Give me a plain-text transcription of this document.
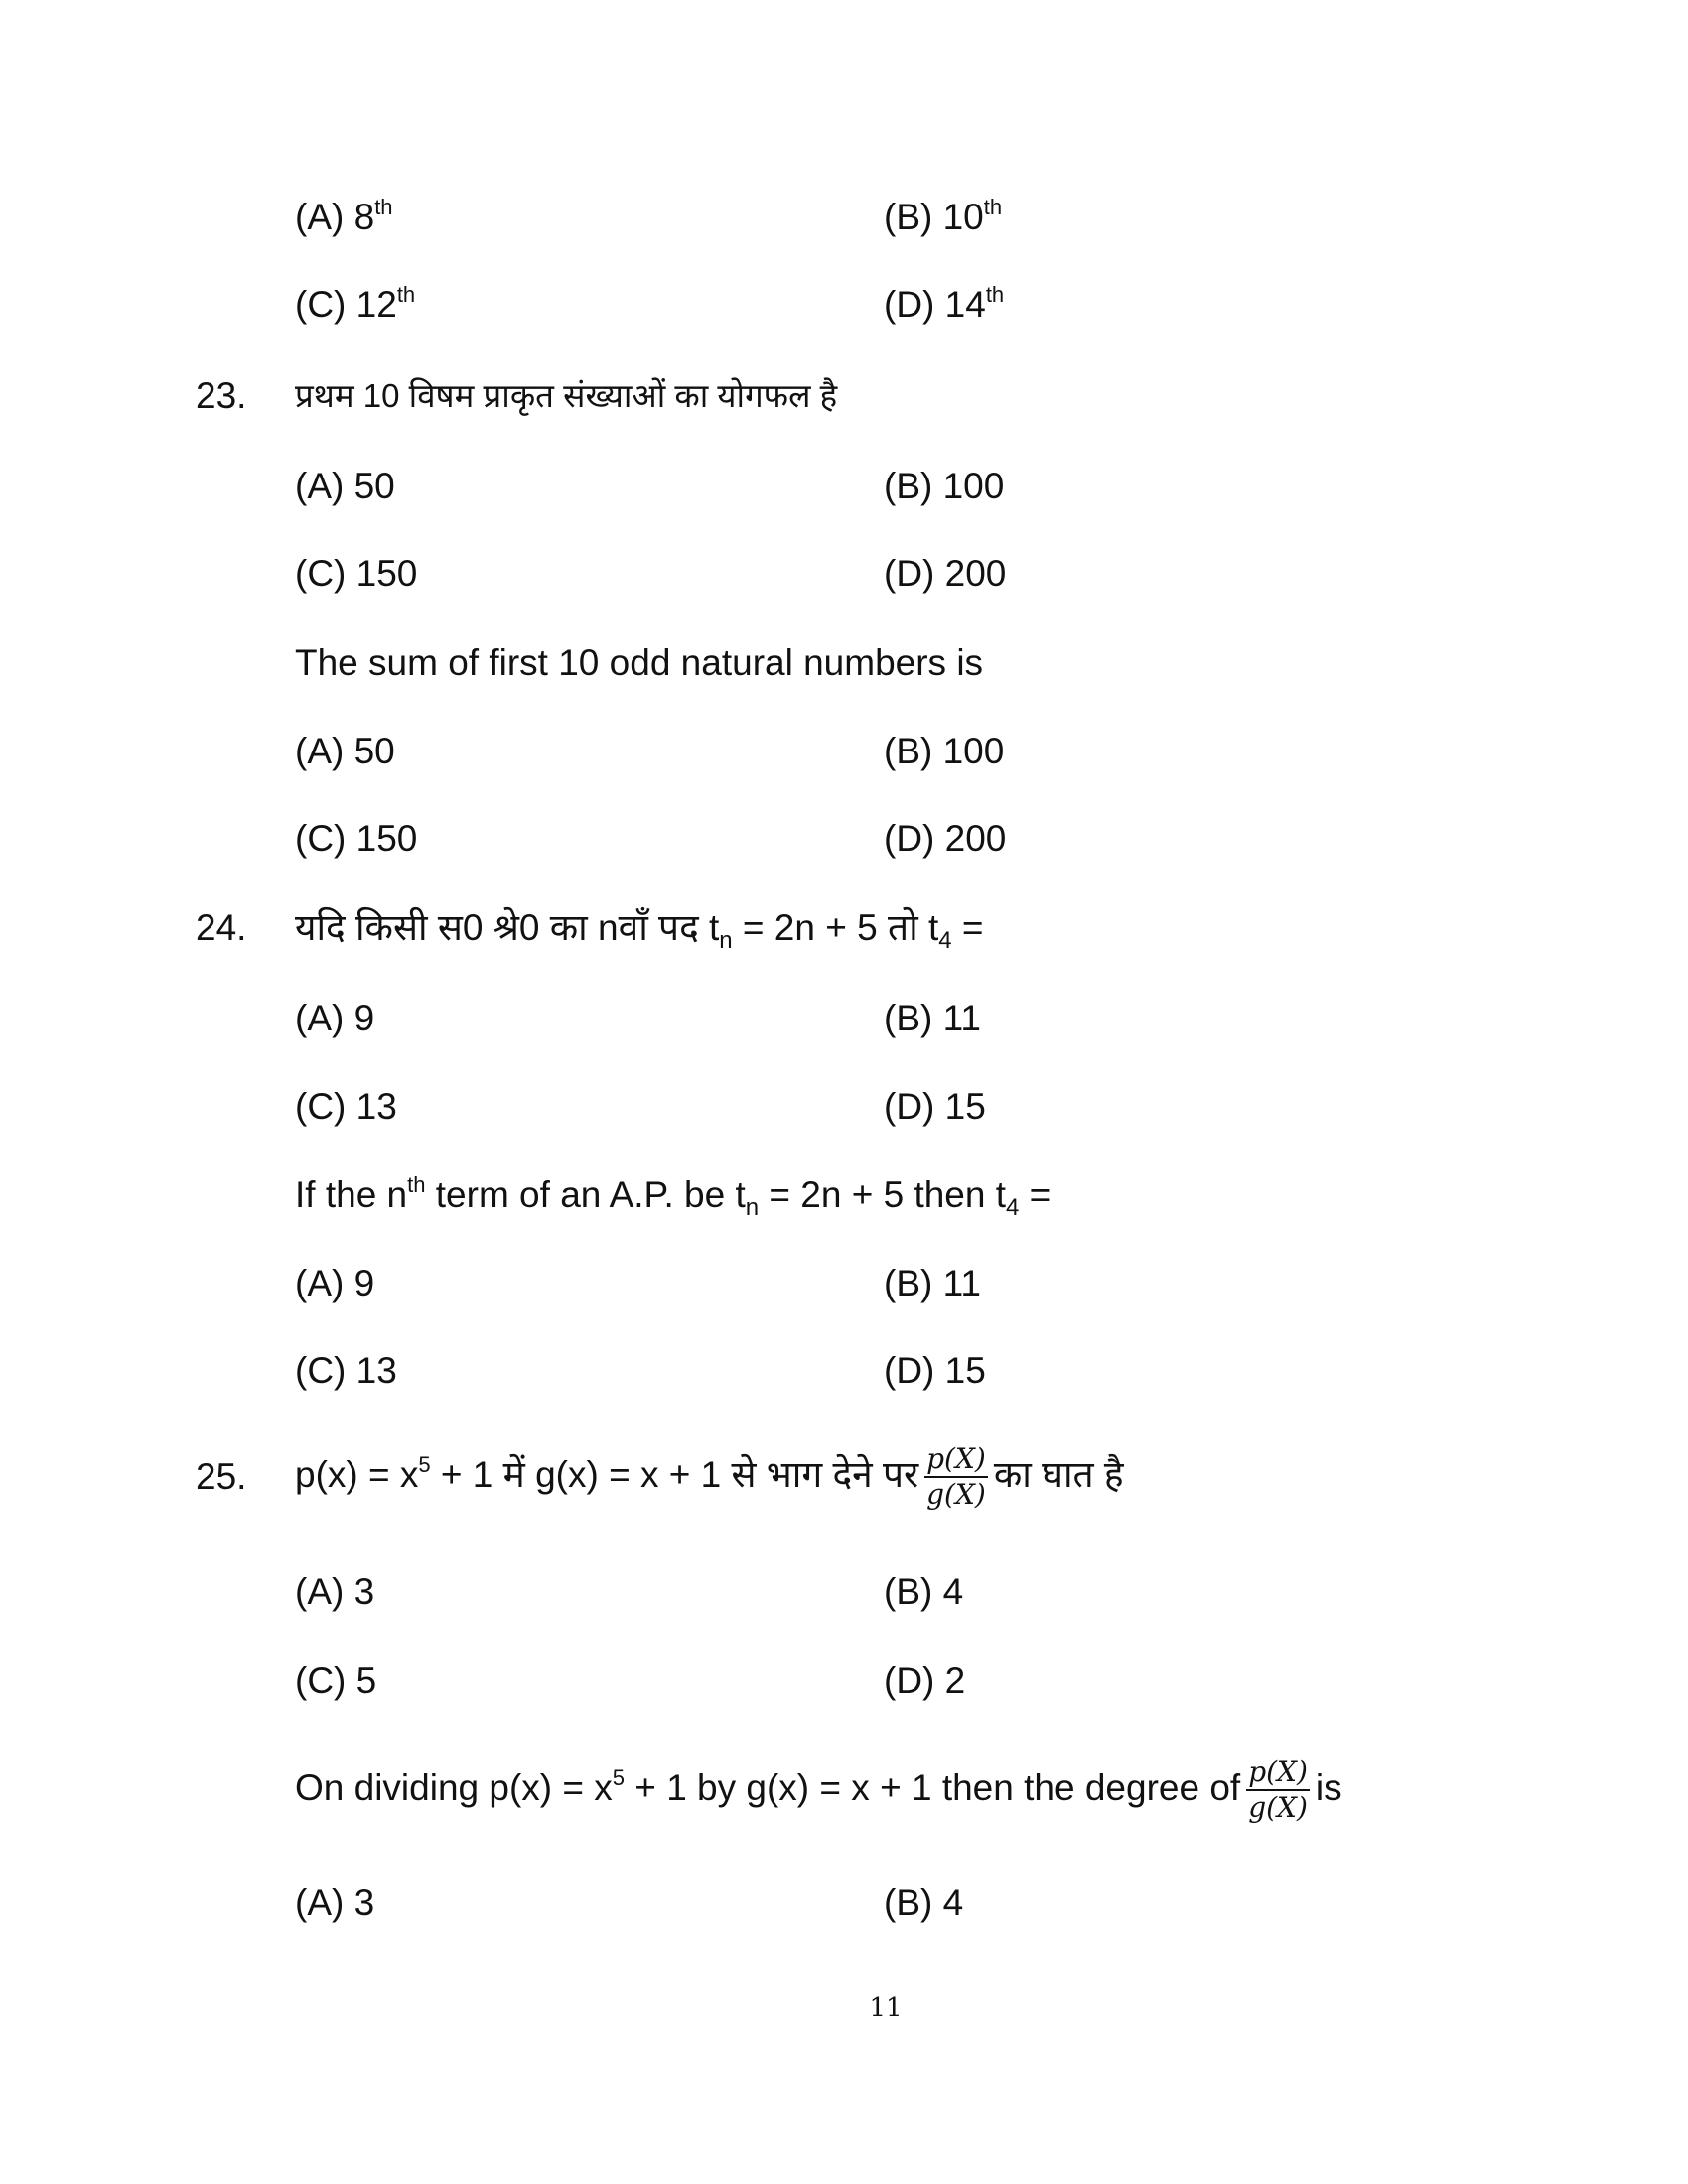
(A) 8th	(B) 10th
(C) 12th	(D) 14th
23. प्रथम 10 विषम प्राकृत संख्याओं का योगफल है
(A) 50	(B) 100
(C) 150	(D) 200
The sum of first 10 odd natural numbers is
(A) 50	(B) 100
(C) 150	(D) 200
24. यदि किसी स0 श्रे0 का nवाँ पद $t_n = 2n + 5$ तो $t_4$ =
(A) 9	(B) 11
(C) 13	(D) 15
If the $n^{th}$ term of an A.P. be $t_n = 2n + 5$ then $t_4$ =
(A) 9	(B) 11
(C) 13	(D) 15
25. $p(x) = x^5 + 1$ में g(x) = x + 1 से भाग देने पर $\frac{p(X)}{g(X)}$ का घात है
(A) 3	(B) 4
(C) 5	(D) 2
On dividing $p(x) = x^5 + 1$ by g(x) = x + 1 then the degree of $\frac{p(X)}{g(X)}$ is
(A) 3	(B) 4
11
